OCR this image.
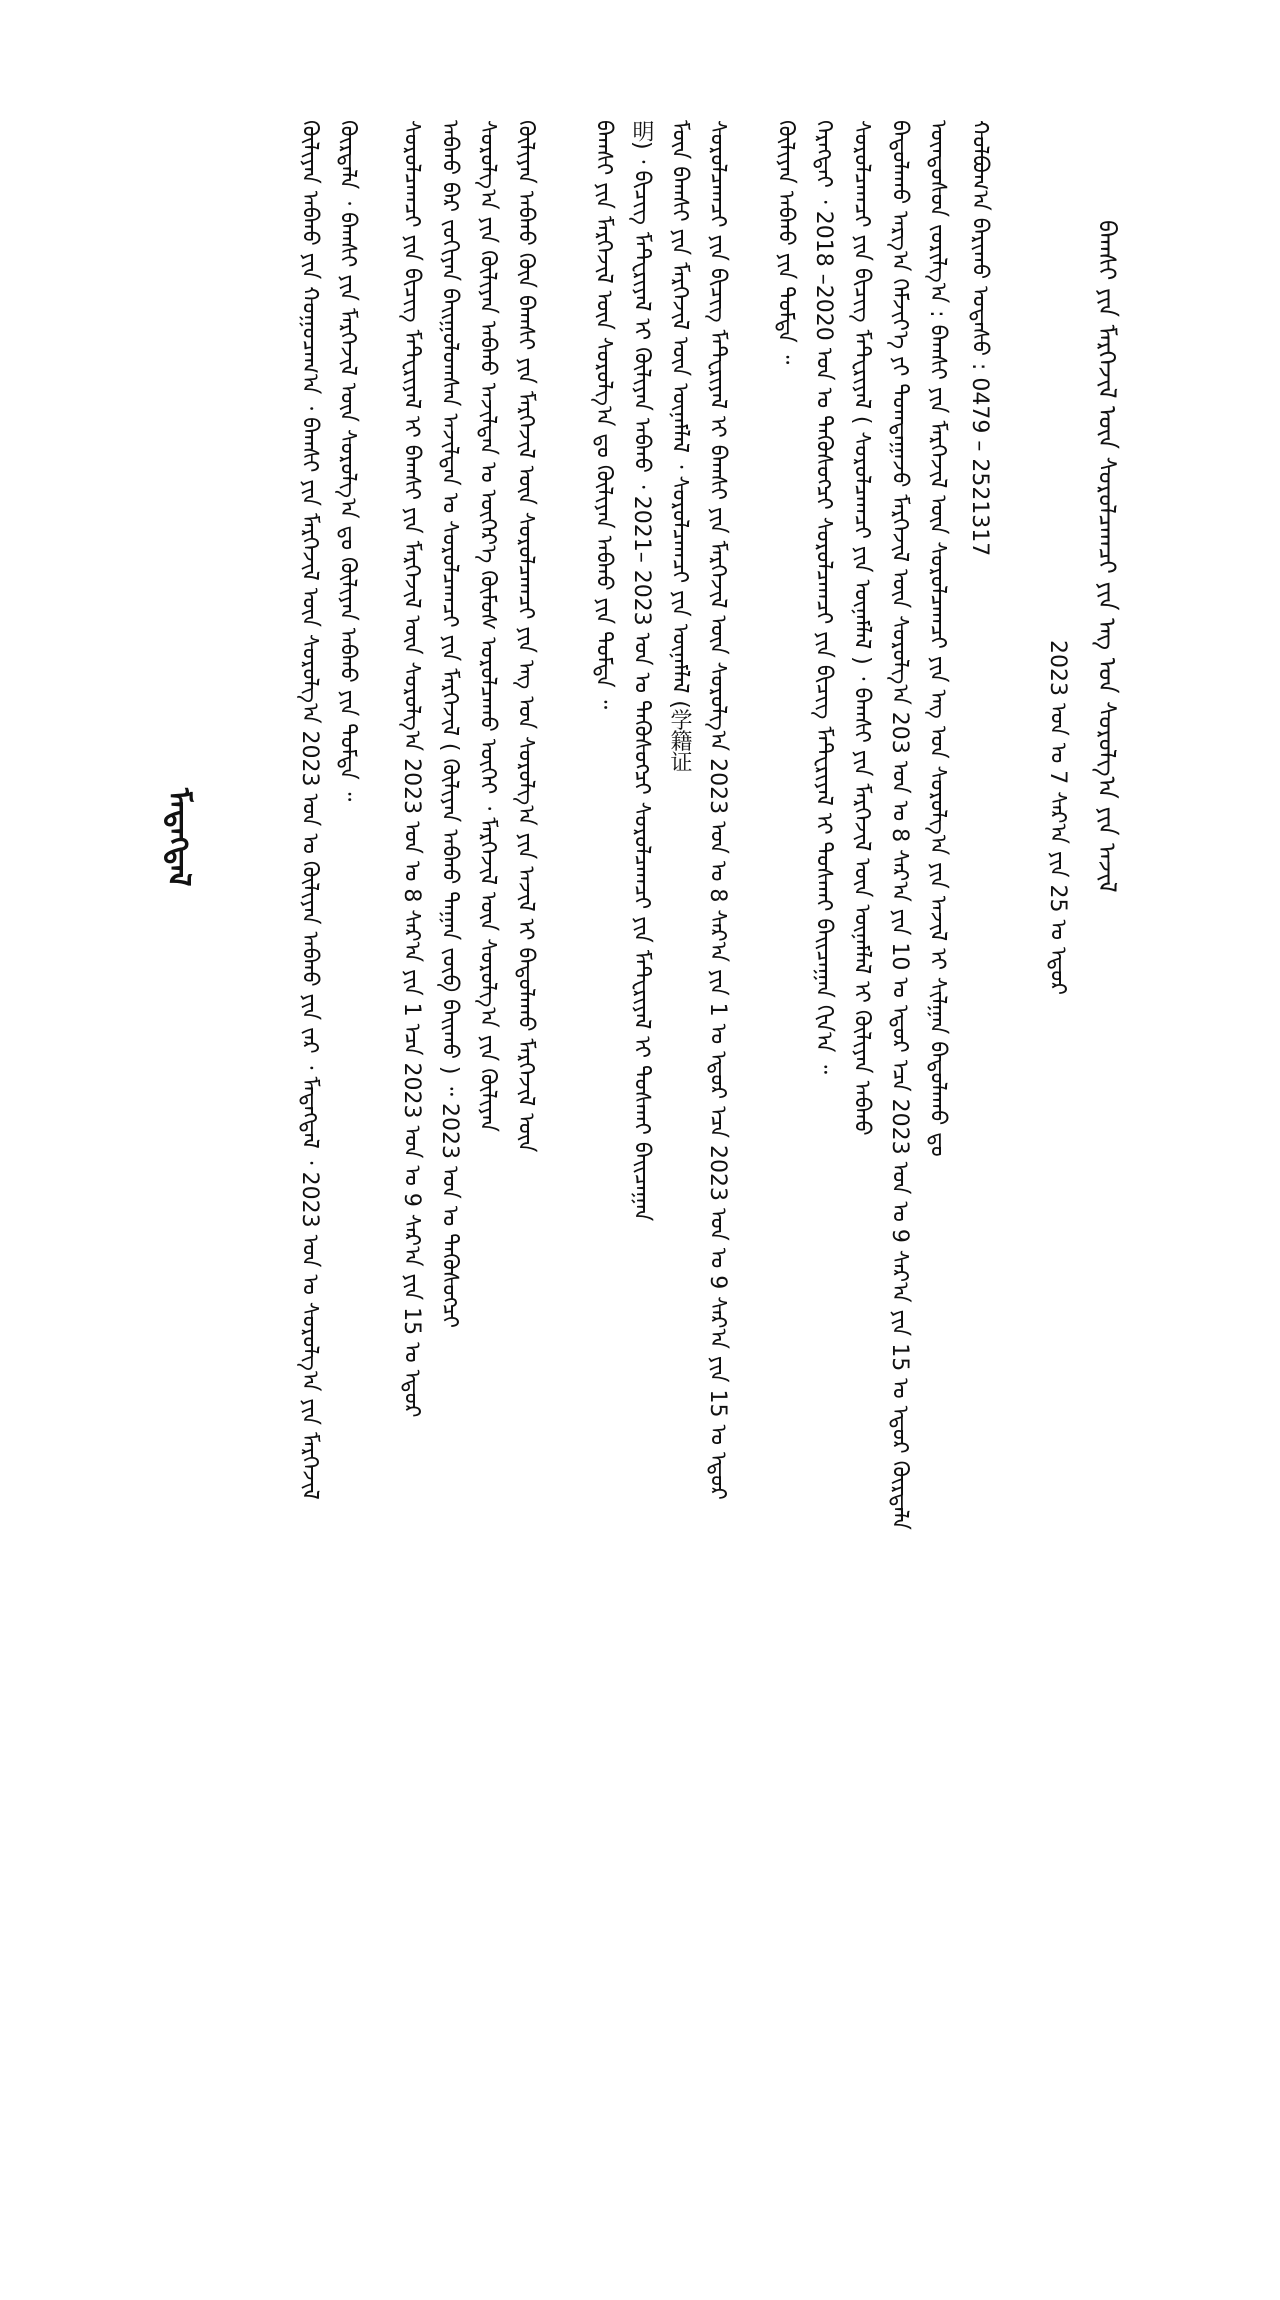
ᠪᠠᠭᠰᠢ ᠶᠢᠨ ᠮᠡᠷᠭᠡᠵᠢᠯ ᠦᠨ ᠰᠤᠷᠤᠯᠴᠠᠭᠴᠢ ᠶᠢᠨ ᠡᠩ ᠤᠨ ᠰᠤᠷᠤᠯᠭ᠎ᠠ ᠶᠢᠨ ᠠᠵᠢᠯ
2023 ᠣᠨ ᠤ 7 ᠰᠠᠷ᠎ᠠ ᠶᠢᠨ 25 ᠤ ᠡᠳᠦᠷ
ᠬᠣᠯᠪᠣᠭ᠎ᠠ ᠪᠠᠷᠢᠬᠤ ᠤᠲᠠᠰᠤ : 0479 – 2521317
ᠦᠨᠳᠦᠰᠦᠨ ᠵᠣᠷᠢᠯᠭ᠎ᠠ : ᠪᠠᠭᠰᠢ ᠶᠢᠨ ᠮᠡᠷᠭᠡᠵᠢᠯ ᠦᠨ ᠰᠤᠷᠤᠯᠴᠠᠭᠴᠢ ᠶᠢᠨ ᠡᠩ ᠤᠨ ᠰᠤᠷᠤᠯᠭ᠎ᠠ ᠶᠢᠨ ᠠᠵᠢᠯ ᠢ ᠰᠢᠯᠭᠠᠨ ᠪᠠᠲᠤᠯᠠᠬᠤ ᠳᠤ
ᠪᠠᠲᠤᠯᠠᠬᠤ ᠠᠷᠭ᠎ᠠ ᠬᠡᠮᠵᠢᠶ᠎ᠡ ᠶᠢ ᠲᠣᠭᠲᠠᠭᠠᠵᠤ ᠮᠡᠷᠭᠡᠵᠢᠯ ᠦᠨ ᠰᠤᠷᠤᠯᠭ᠎ᠠ 203 ᠣᠨ ᠤ 8 ᠰᠠᠷ᠎ᠠ ᠶᠢᠨ 10 ᠤ ᠡᠳᠦᠷ ᠡᠴᠡ 2023 ᠣᠨ ᠤ 9 ᠰᠠᠷ᠎ᠠ ᠶᠢᠨ 15 ᠤ ᠡᠳᠦᠷ ᠬᠦᠷᠲᠡᠯᠡ
ᠰᠤᠷᠤᠯᠴᠠᠭᠴᠢ ᠶᠢᠨ ᠪᠢᠴᠢᠭ᠌ ᠮᠠᠲ᠋ᠧᠷᠢᠶᠠᠯ ( ᠰᠤᠷᠤᠯᠴᠠᠭᠴᠢ ᠶᠢᠨ ᠦᠨᠡᠮᠯᠡᠯ ) ᠂ ᠪᠠᠭᠰᠢ ᠶᠢᠨ ᠮᠡᠷᠭᠡᠵᠢᠯ ᠦᠨ ᠦᠨᠡᠮᠯᠡᠯ ᠢ ᠬᠦᠯᠢᠶᠡᠨ ᠠᠪᠬᠤ
ᠬᠡᠷᠡᠭᠲᠡᠢ ᠂ 2018 –2020 ᠣᠨ ᠤ ᠲᠡᠭᠦᠰᠦᠭᠴᠢ ᠰᠤᠷᠤᠯᠴᠠᠭᠴᠢ ᠶᠢᠨ ᠪᠢᠴᠢᠭ᠌ ᠮᠠᠲ᠋ᠧᠷᠢᠶᠠᠯ ᠢ ᠲᠤᠰᠬᠠᠢ ᠪᠠᠢᠴᠠᠭᠠᠨ ᠬᠢᠨ᠎ᠠ ᠃
ᠬᠦᠯᠢᠶᠡᠨ ᠠᠪᠬᠤ ᠶᠢᠨ ᠳᠤᠮᠳᠠ ᠃
ᠰᠤᠷᠤᠯᠴᠠᠭᠴᠢ ᠶᠢᠨ ᠪᠢᠴᠢᠭ᠌ ᠮᠠᠲ᠋ᠧᠷᠢᠶᠠᠯ ᠢ ᠪᠠᠭᠰᠢ ᠶᠢᠨ ᠮᠡᠷᠭᠡᠵᠢᠯ ᠦᠨ ᠰᠤᠷᠤᠯᠭ᠎ᠠ 2023 ᠣᠨ ᠤ 8 ᠰᠠᠷ᠎ᠠ ᠶᠢᠨ 1 ᠤ ᠡᠳᠦᠷ ᠡᠴᠡ 2023 ᠣᠨ ᠤ 9 ᠰᠠᠷ᠎ᠠ ᠶᠢᠨ 15 ᠤ ᠡᠳᠦᠷ
ᠮᠥᠨ ᠪᠠᠭᠰᠢ ᠶᠢᠨ ᠮᠡᠷᠭᠡᠵᠢᠯ ᠦᠨ ᠦᠨᠡᠮᠯᠡᠯ ᠂ ᠰᠤᠷᠤᠯᠴᠠᠭᠴᠢ ᠶᠢᠨ ᠦᠨᠡᠮᠯᠡᠯ (学籍证
明) ᠂ ᠪᠢᠴᠢᠭ᠌ ᠮᠠᠲ᠋ᠧᠷᠢᠶᠠᠯ ᠢ ᠬᠦᠯᠢᠶᠡᠨ ᠠᠪᠬᠤ ᠂ 2021– 2023 ᠣᠨ ᠤ ᠲᠡᠭᠦᠰᠦᠭᠴᠢ ᠰᠤᠷᠤᠯᠴᠠᠭᠴᠢ ᠶᠢᠨ ᠮᠠᠲ᠋ᠧᠷᠢᠶᠠᠯ ᠢ ᠲᠤᠰᠬᠠᠢ ᠪᠠᠢᠴᠠᠭᠠᠨ
ᠪᠠᠭᠰᠢ ᠶᠢᠨ ᠮᠡᠷᠭᠡᠵᠢᠯ ᠦᠨ ᠰᠤᠷᠤᠯᠭ᠎ᠠ ᠳᠤ ᠬᠦᠯᠢᠶᠡᠨ ᠠᠪᠬᠤ ᠶᠢᠨ ᠳᠤᠮᠳᠠ ᠃
ᠬᠦᠯᠢᠶᠡᠨ ᠠᠪᠬᠤ ᠬᠦᠨ ᠪᠠᠭᠰᠢ ᠶᠢᠨ ᠮᠡᠷᠭᠡᠵᠢᠯ ᠦᠨ ᠰᠤᠷᠤᠯᠴᠠᠭᠴᠢ ᠶᠢᠨ ᠡᠩ ᠤᠨ ᠰᠤᠷᠤᠯᠭ᠎ᠠ ᠶᠢᠨ ᠠᠵᠢᠯ ᠢ ᠪᠠᠲᠤᠯᠠᠬᠤ ᠮᠡᠷᠭᠡᠵᠢᠯ ᠦᠨ
ᠰᠤᠷᠤᠯᠭ᠎ᠠ ᠶᠢᠨ ᠬᠦᠯᠢᠶᠡᠨ ᠠᠪᠬᠤ ᠠᠵᠢᠯᠲᠠᠨ ᠤ ᠦᠭᠡᠷ᠎ᠡ ᠬᠦᠮᠦᠰ ᠤᠷᠤᠯᠴᠠᠬᠤ ᠦᠭᠡᠢ ᠂ ᠮᠡᠷᠭᠡᠵᠢᠯ ᠦᠨ ᠰᠤᠷᠤᠯᠭ᠎ᠠ ᠶᠢᠨ ᠬᠦᠯᠢᠶᠡᠨ
ᠠᠪᠬᠤ ᠪᠠᠷ ᠵᠣᠬᠢᠶᠠᠨ ᠪᠠᠢᠭᠤᠯᠤᠭᠰᠠᠨ ᠠᠵᠢᠯᠲᠠᠨ ᠤ ᠰᠤᠷᠤᠯᠴᠠᠭᠴᠢ ᠶᠢᠨ ᠮᠡᠷᠭᠡᠵᠢᠯ ( ᠬᠦᠯᠢᠶᠡᠨ ᠠᠪᠬᠤ ᠳᠠᠭᠠᠨ ᠵᠥᠪ ᠪᠠᠢᠬᠤ ) ᠃ 2023 ᠣᠨ ᠤ ᠲᠡᠭᠦᠰᠦᠭᠴᠢ
ᠰᠤᠷᠤᠯᠴᠠᠭᠴᠢ ᠶᠢᠨ ᠪᠢᠴᠢᠭ᠌ ᠮᠠᠲ᠋ᠧᠷᠢᠶᠠᠯ ᠢ ᠪᠠᠭᠰᠢ ᠶᠢᠨ ᠮᠡᠷᠭᠡᠵᠢᠯ ᠦᠨ ᠰᠤᠷᠤᠯᠭ᠎ᠠ 2023 ᠣᠨ ᠤ 8 ᠰᠠᠷ᠎ᠠ ᠶᠢᠨ 1 ᠡᠴᠡ 2023 ᠣᠨ ᠤ 9 ᠰᠠᠷ᠎ᠠ ᠶᠢᠨ 15 ᠤ ᠡᠳᠦᠷ
ᠬᠦᠷᠲᠡᠯᠡ ᠂ ᠪᠠᠭᠰᠢ ᠶᠢᠨ ᠮᠡᠷᠭᠡᠵᠢᠯ ᠦᠨ ᠰᠤᠷᠤᠯᠭ᠎ᠠ ᠳᠤ ᠬᠦᠯᠢᠶᠡᠨ ᠠᠪᠬᠤ ᠶᠢᠨ ᠳᠤᠮᠳᠠ ᠃
ᠬᠦᠯᠢᠶᠡᠨ ᠠᠪᠬᠤ ᠶᠢᠨ ᠬᠤᠭᠤᠴᠠᠭ᠎ᠠ ᠂ ᠪᠠᠭᠰᠢ ᠶᠢᠨ ᠮᠡᠷᠭᠡᠵᠢᠯ ᠦᠨ ᠰᠤᠷᠤᠯᠭ᠎ᠠ 2023 ᠣᠨ ᠤ ᠬᠦᠯᠢᠶᠡᠨ ᠠᠪᠬᠤ ᠶᠢᠨ ᠵᠠᠷ ᠂ ᠮᠡᠳᠡᠭᠳᠡᠯ ᠂ 2023 ᠣᠨ ᠤ ᠰᠤᠷᠤᠯᠭ᠎ᠠ ᠶᠢᠨ ᠮᠡᠷᠭᠡᠵᠢᠯ
ᠮᠡᠳᠡᠭᠳᠡᠯ
